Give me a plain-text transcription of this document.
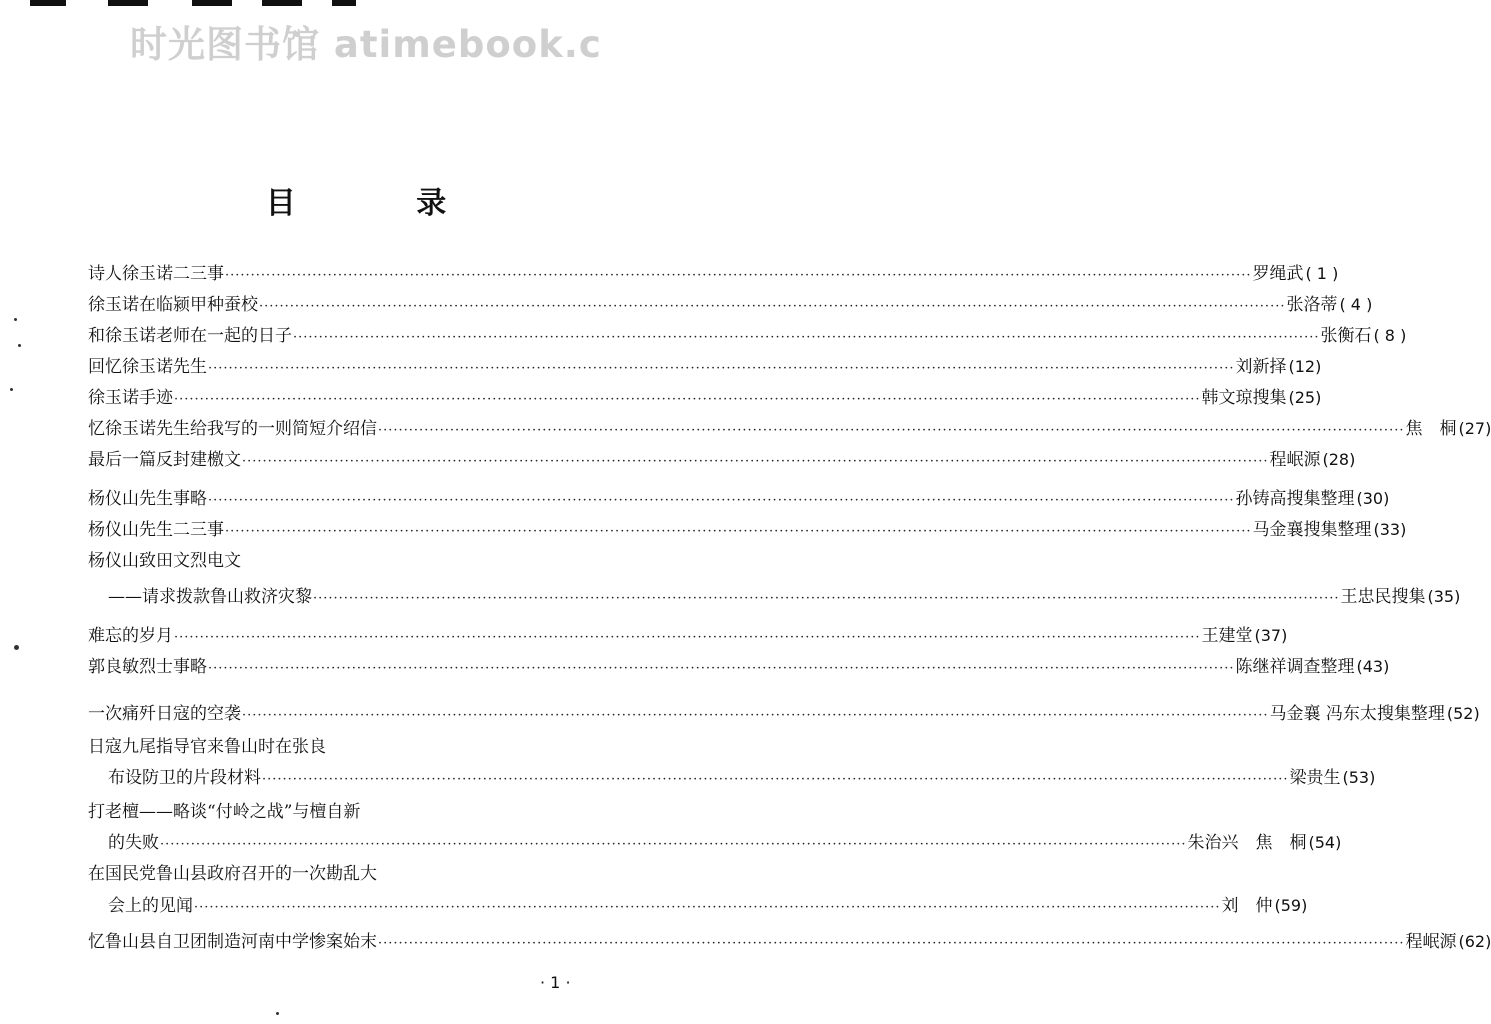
时光图书馆 atimebook.c
目 录
诗人徐玉诺二三事 ········································································································································································································ 罗绳武 ( 1 )
徐玉诺在临颍甲种蚕校 ········································································································································································································ 张洛蒂 ( 4 )
和徐玉诺老师在一起的日子 ········································································································································································································ 张衡石 ( 8 )
回忆徐玉诺先生 ········································································································································································································ 刘新择 (12)
徐玉诺手迹 ········································································································································································································ 韩文琼搜集 (25)
忆徐玉诺先生给我写的一则简短介绍信 ········································································································································································································ 焦　桐 (27)
最后一篇反封建檄文 ········································································································································································································ 程岷源 (28)
杨仪山先生事略 ········································································································································································································ 孙铸高搜集整理 (30)
杨仪山先生二三事 ········································································································································································································ 马金襄搜集整理 (33)
杨仪山致田文烈电文
——请求拨款鲁山救济灾黎 ········································································································································································································ 王忠民搜集 (35)
难忘的岁月 ········································································································································································································ 王建堂 (37)
郭良敏烈士事略 ········································································································································································································ 陈继祥调查整理 (43)
一次痛歼日寇的空袭 ········································································································································································································ 马金襄 冯东太搜集整理 (52)
日寇九尾指导官来鲁山时在张良
布设防卫的片段材料 ········································································································································································································ 梁贵生 (53)
打老檀——略谈“付岭之战”与檀自新
的失败 ········································································································································································································ 朱治兴　焦　桐 (54)
在国民党鲁山县政府召开的一次勘乱大
会上的见闻 ········································································································································································································ 刘　仲 (59)
忆鲁山县自卫团制造河南中学惨案始末 ········································································································································································································ 程岷源 (62)
· 1 ·
